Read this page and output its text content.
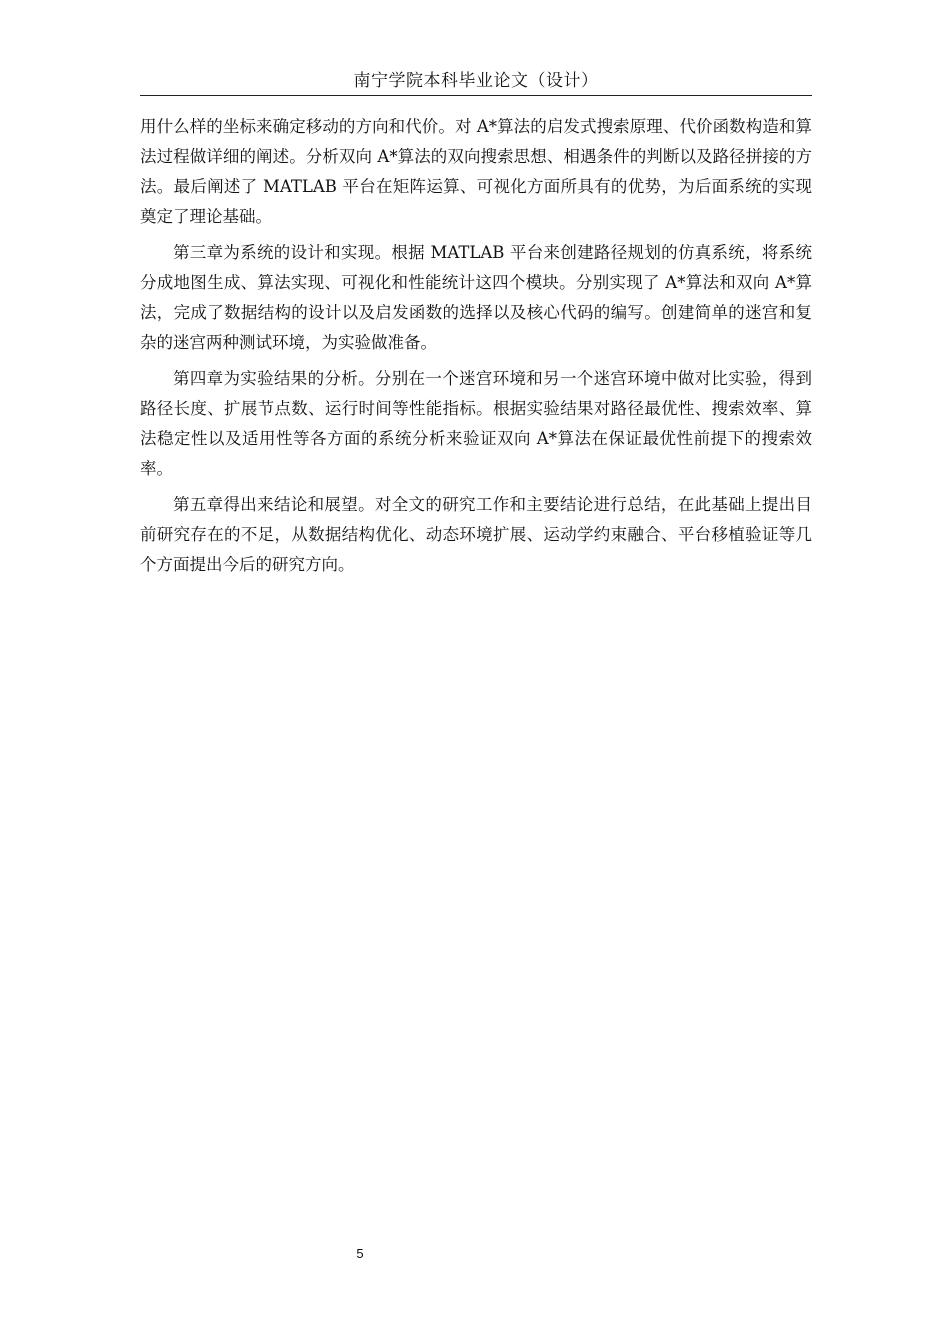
南宁学院本科毕业论文（设计）

用什么样的坐标来确定移动的方向和代价。对 A*算法的启发式搜索原理、代价函数构造和算法过程做详细的阐述。分析双向 A*算法的双向搜索思想、相遇条件的判断以及路径拼接的方法。最后阐述了 MATLAB 平台在矩阵运算、可视化方面所具有的优势，为后面系统的实现奠定了理论基础。

第三章为系统的设计和实现。根据 MATLAB 平台来创建路径规划的仿真系统，将系统分成地图生成、算法实现、可视化和性能统计这四个模块。分别实现了 A*算法和双向 A*算法，完成了数据结构的设计以及启发函数的选择以及核心代码的编写。创建简单的迷宫和复杂的迷宫两种测试环境，为实验做准备。

第四章为实验结果的分析。分别在一个迷宫环境和另一个迷宫环境中做对比实验，得到路径长度、扩展节点数、运行时间等性能指标。根据实验结果对路径最优性、搜索效率、算法稳定性以及适用性等各方面的系统分析来验证双向 A*算法在保证最优性前提下的搜索效率。

第五章得出来结论和展望。对全文的研究工作和主要结论进行总结，在此基础上提出目前研究存在的不足，从数据结构优化、动态环境扩展、运动学约束融合、平台移植验证等几个方面提出今后的研究方向。

5
